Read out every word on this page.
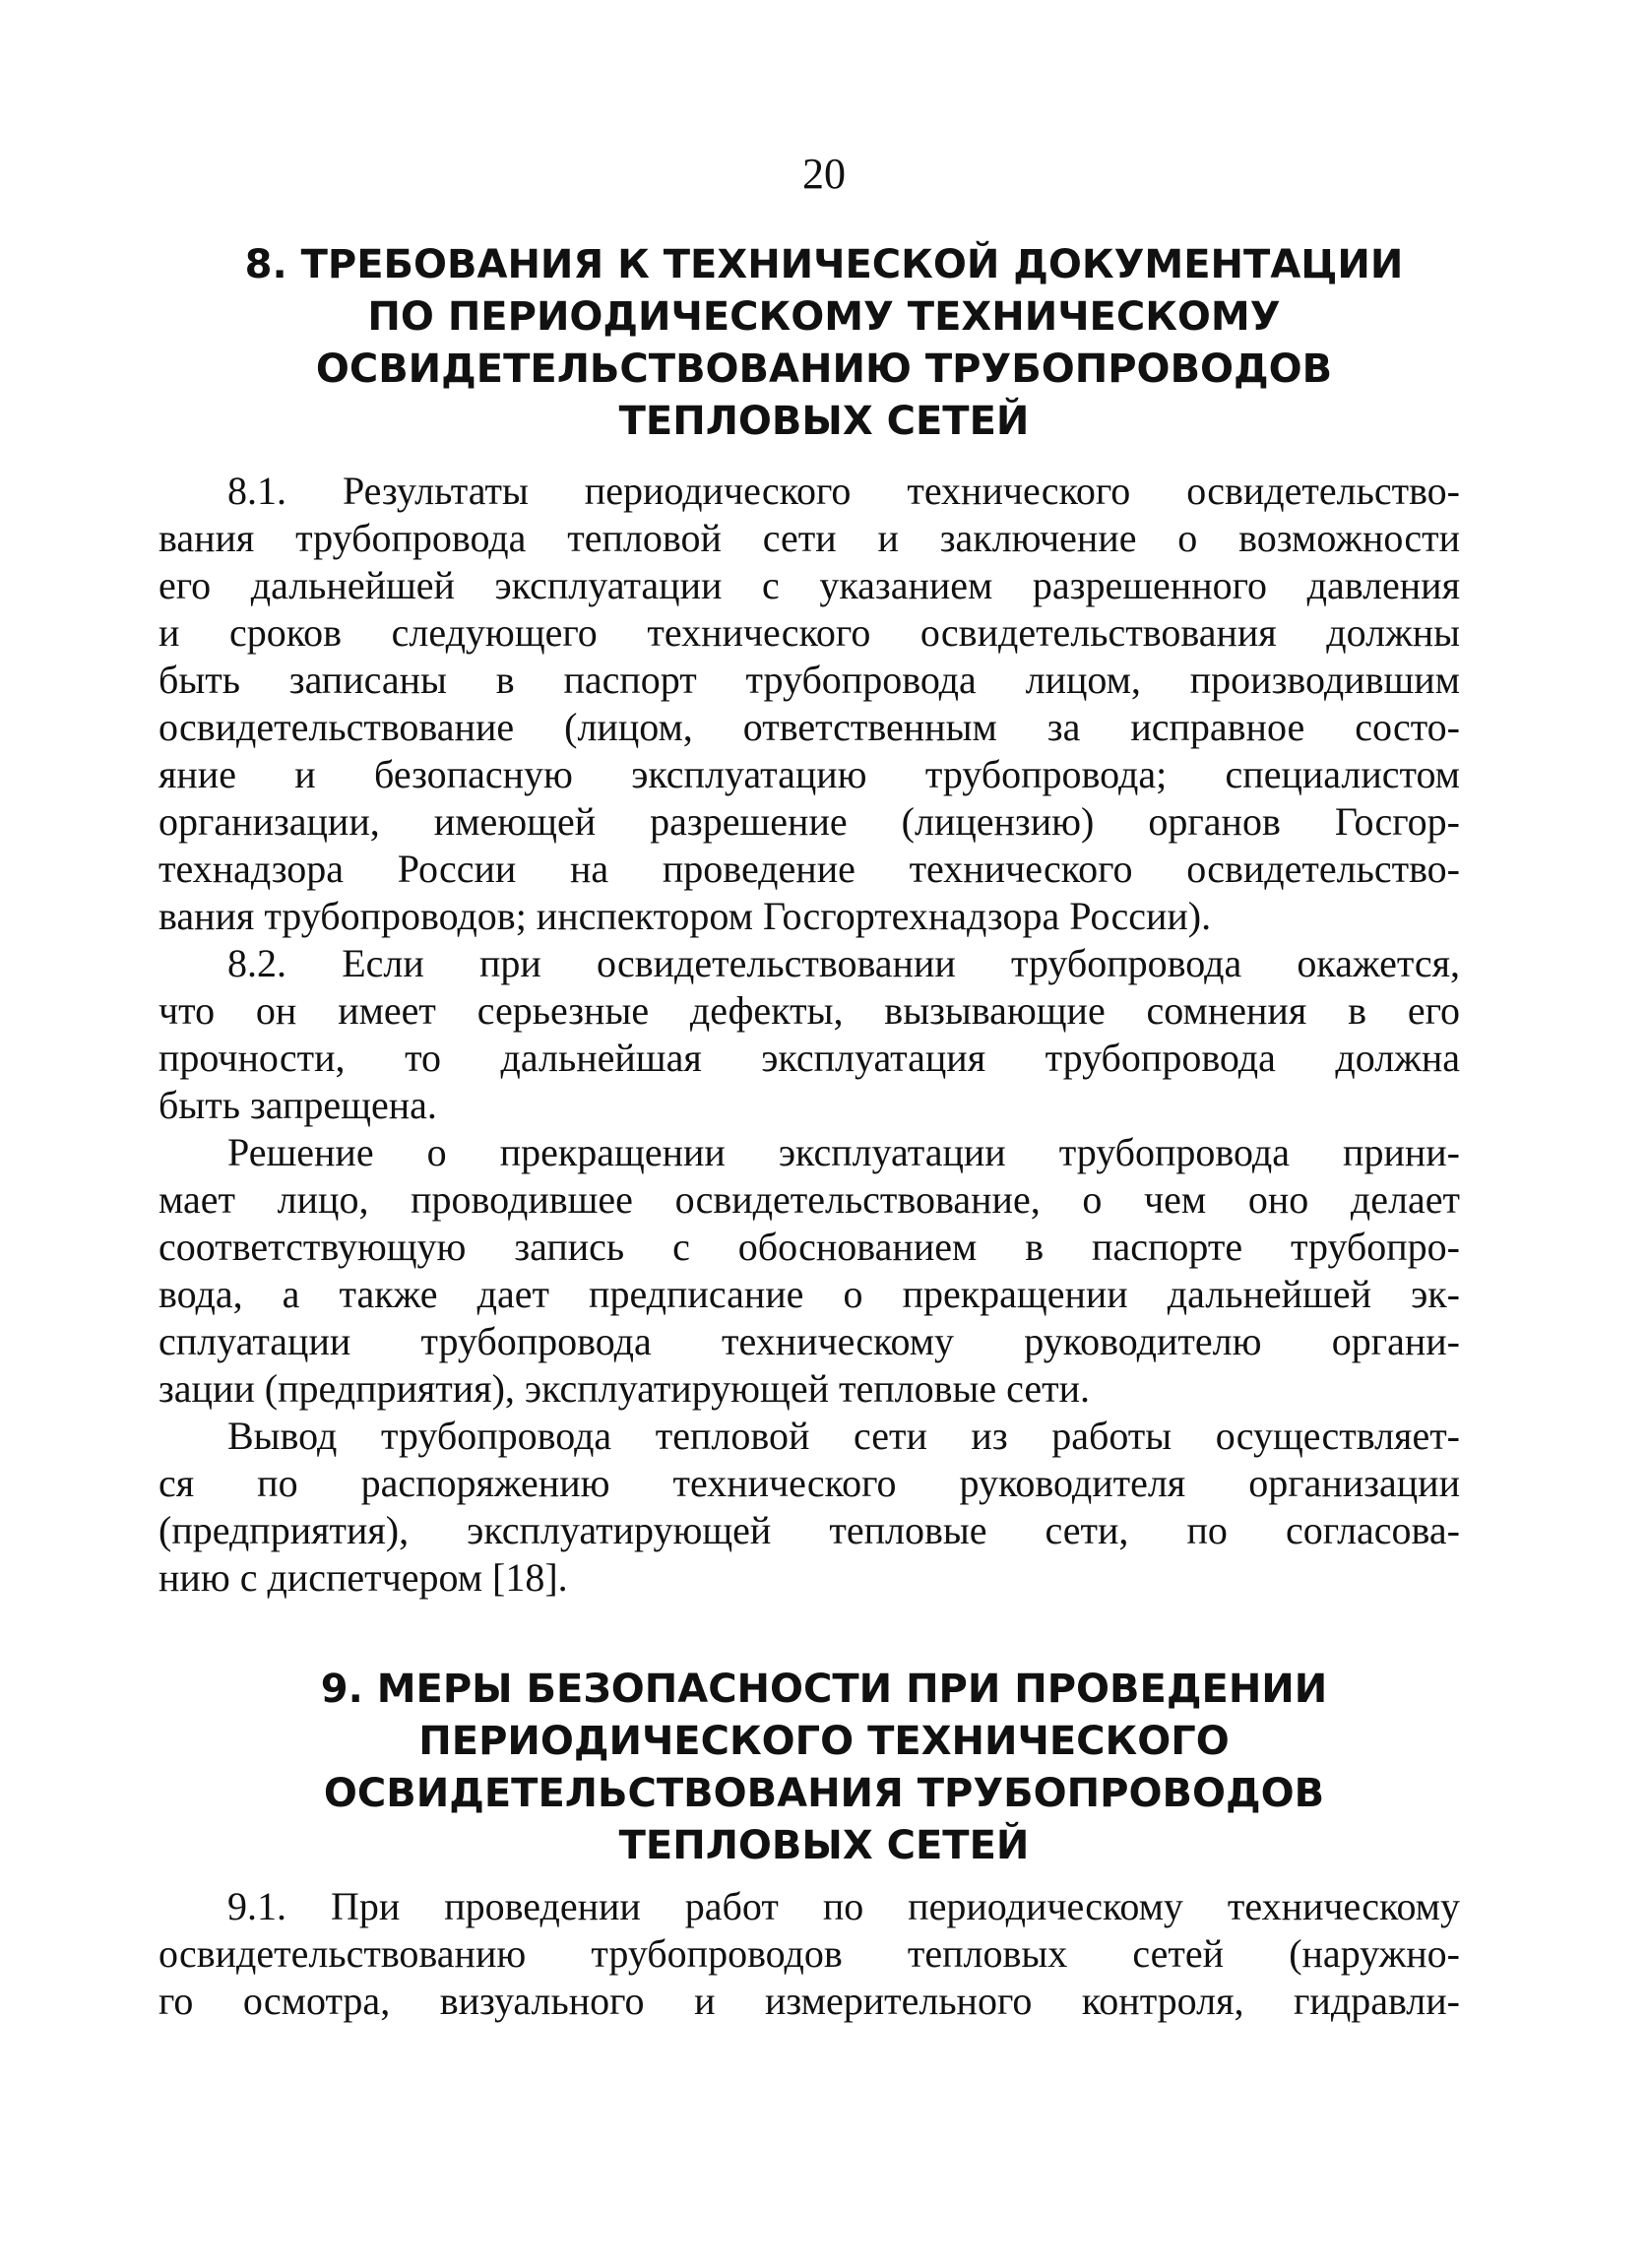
20
8. ТРЕБОВАНИЯ К ТЕХНИЧЕСКОЙ ДОКУМЕНТАЦИИ
ПО ПЕРИОДИЧЕСКОМУ ТЕХНИЧЕСКОМУ
ОСВИДЕТЕЛЬСТВОВАНИЮ ТРУБОПРОВОДОВ
ТЕПЛОВЫХ СЕТЕЙ
8.1. Результаты периодического технического освидетельство-
вания трубопровода тепловой сети и заключение о возможности
его дальнейшей эксплуатации с указанием разрешенного давления
и сроков следующего технического освидетельствования должны
быть записаны в паспорт трубопровода лицом, производившим
освидетельствование (лицом, ответственным за исправное состо-
яние и безопасную эксплуатацию трубопровода; специалистом
организации, имеющей разрешение (лицензию) органов Госгор-
технадзора России на проведение технического освидетельство-
вания трубопроводов; инспектором Госгортехнадзора России).
8.2. Если при освидетельствовании трубопровода окажется,
что он имеет серьезные дефекты, вызывающие сомнения в его
прочности, то дальнейшая эксплуатация трубопровода должна
быть запрещена.
Решение о прекращении эксплуатации трубопровода прини-
мает лицо, проводившее освидетельствование, о чем оно делает
соответствующую запись с обоснованием в паспорте трубопро-
вода, а также дает предписание о прекращении дальнейшей эк-
сплуатации трубопровода техническому руководителю органи-
зации (предприятия), эксплуатирующей тепловые сети.
Вывод трубопровода тепловой сети из работы осуществляет-
ся по распоряжению технического руководителя организации
(предприятия), эксплуатирующей тепловые сети, по согласова-
нию с диспетчером [18].
9. МЕРЫ БЕЗОПАСНОСТИ ПРИ ПРОВЕДЕНИИ
ПЕРИОДИЧЕСКОГО ТЕХНИЧЕСКОГО
ОСВИДЕТЕЛЬСТВОВАНИЯ ТРУБОПРОВОДОВ
ТЕПЛОВЫХ СЕТЕЙ
9.1. При проведении работ по периодическому техническому
освидетельствованию трубопроводов тепловых сетей (наружно-
го осмотра, визуального и измерительного контроля, гидравли-
